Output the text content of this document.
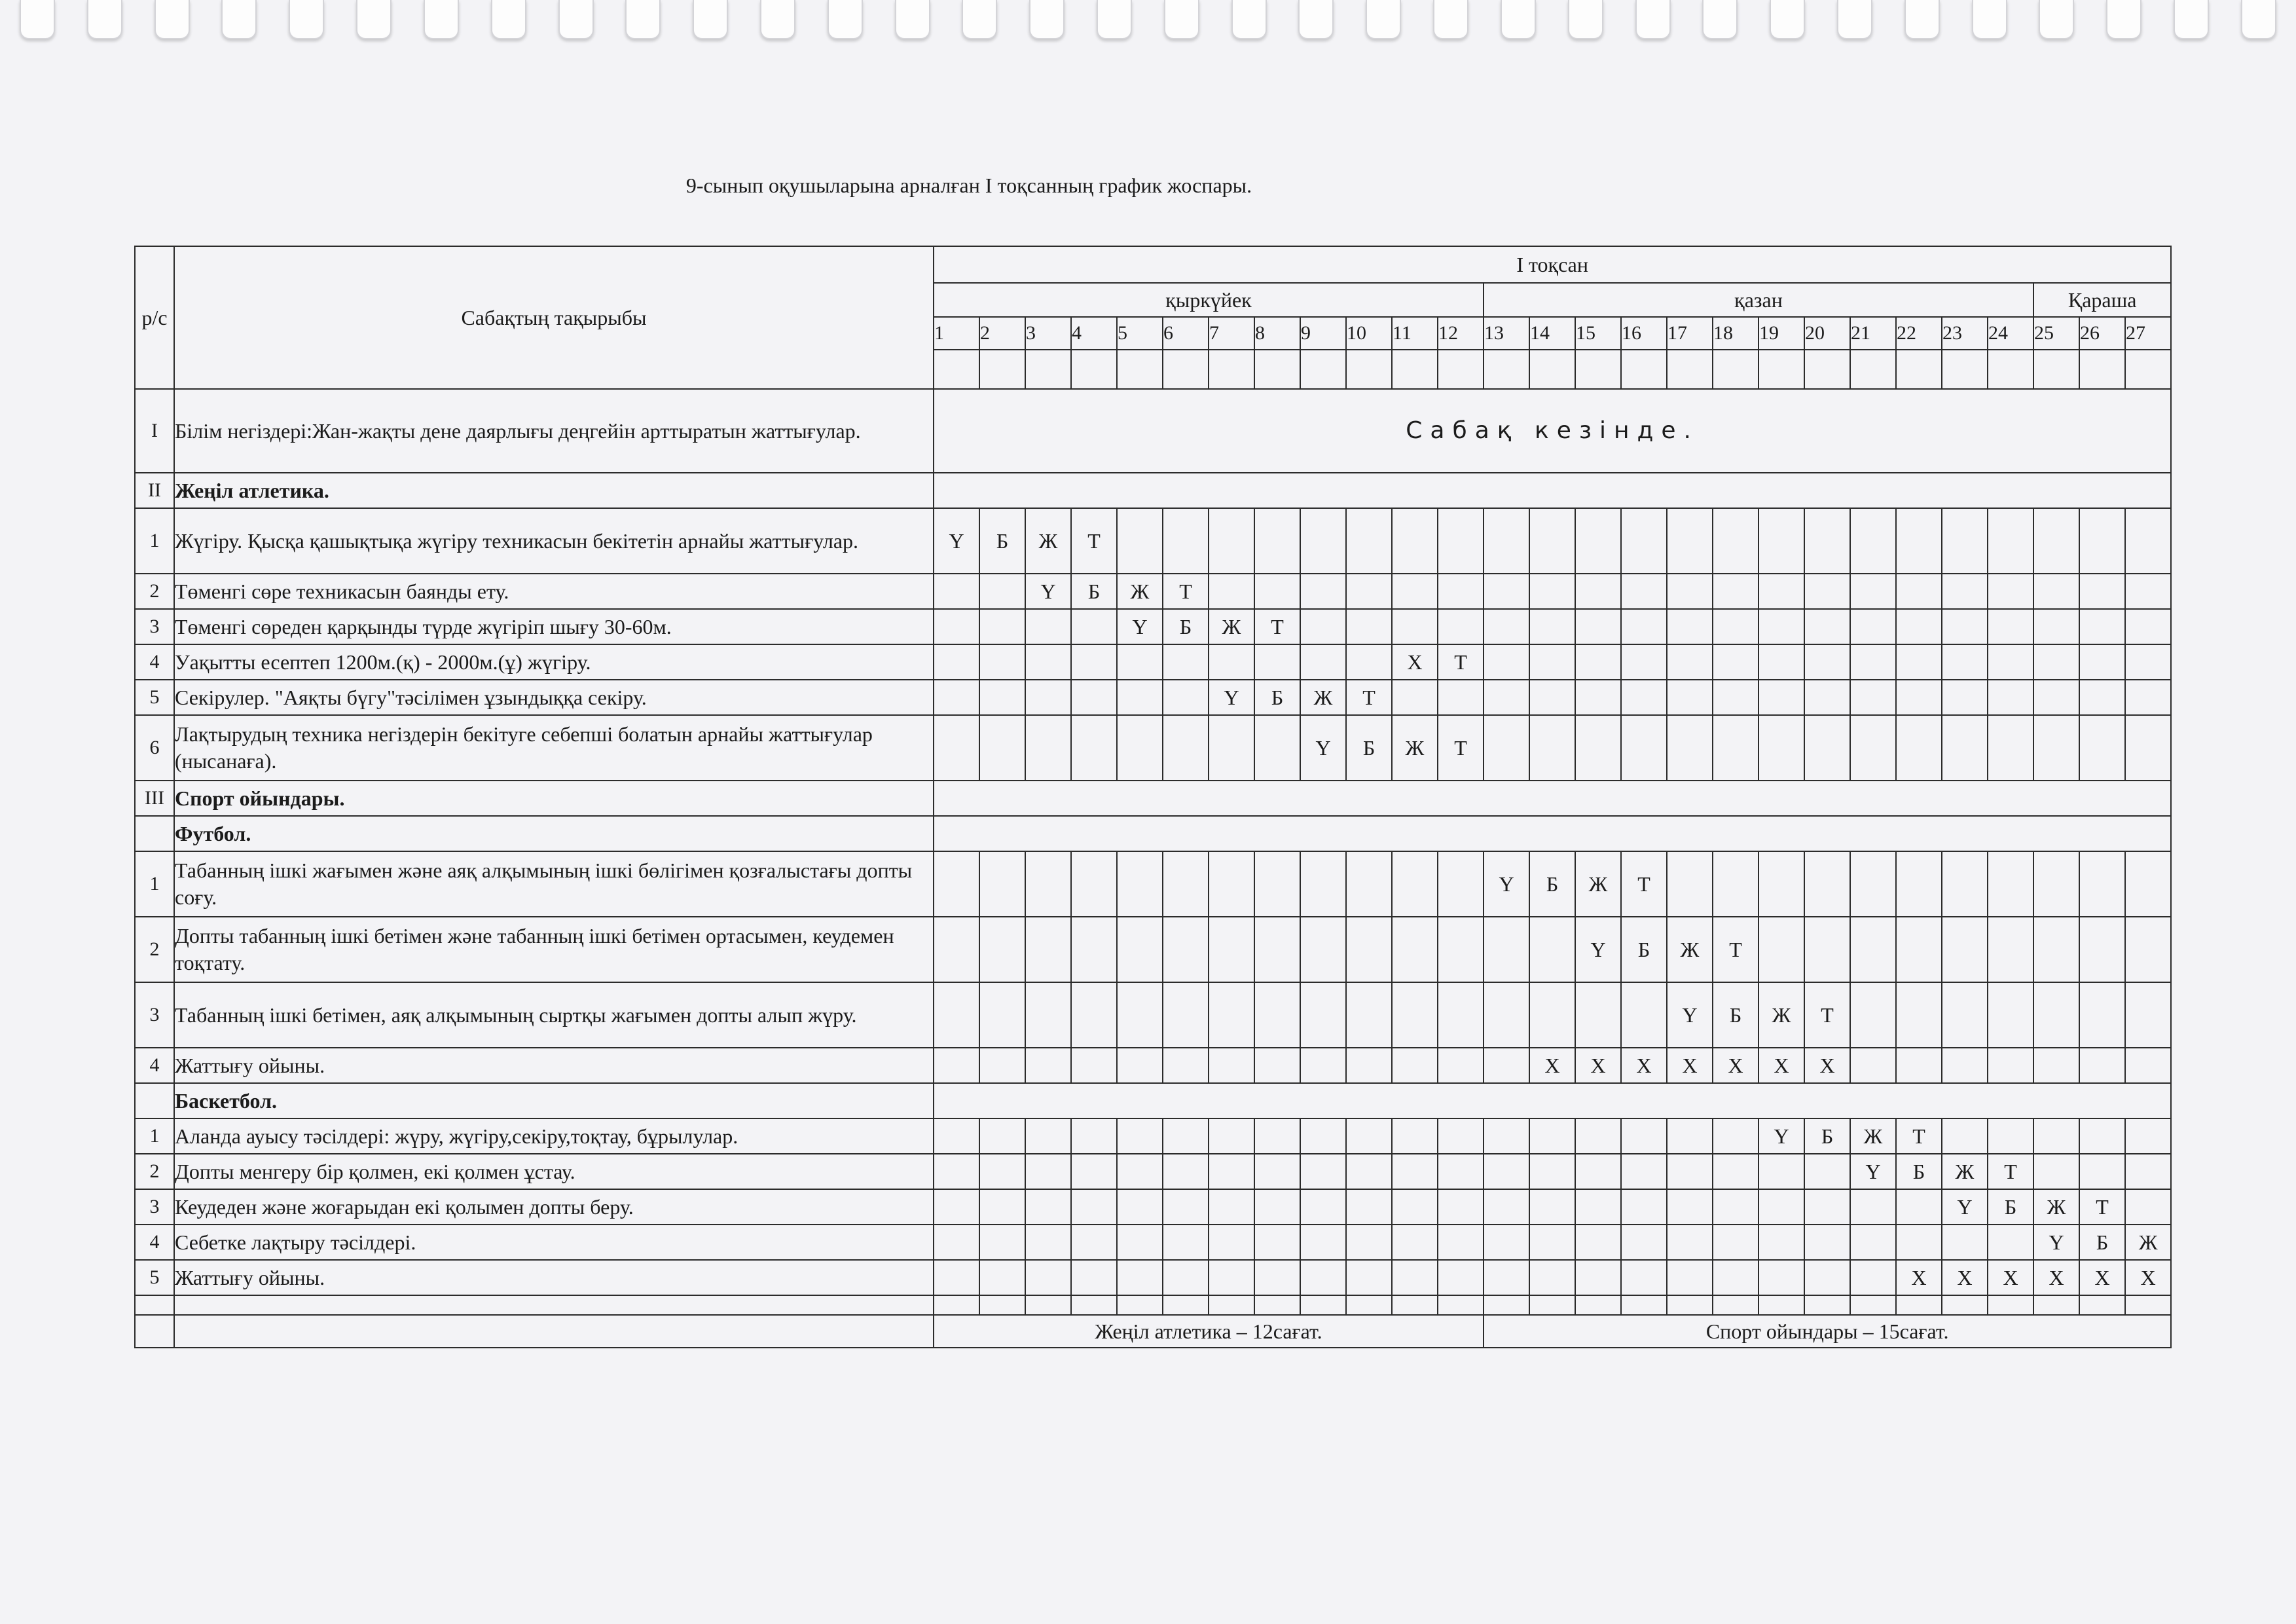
9-сынып оқушыларына арналған І тоқсанның график жоспары.
р/с	Сабақтың тақырыбы	І тоқсан																										
		қыркүйек												қазан												Қараша		
		1	2	3	4	5	6	7	8	9	10	11	12	13	14	15	16	17	18	19	20	21	22	23	24	25	26	27

І	Білім негіздері:Жан-жақты дене даярлығы деңгейін арттыратын жаттығулар.	Сабақ кезінде.																										
ІІ	Жеңіл атлетика.																											
1	Жүгіру. Қысқа қашықтықа жүгіру техникасын бекітетін арнайы жаттығулар.	Ү	Б	Ж	Т																							
2	Төменгі сөре техникасын баянды ету.			Ү	Б	Ж	Т																					
3	Төменгі сөреден қарқынды түрде жүгіріп шығу 30-60м.					Ү	Б	Ж	Т																			
4	Уақытты есептеп 1200м.(қ) - 2000м.(ұ) жүгіру.											Х	Т															
5	Секірулер. "Аяқты бүгу"тәсілімен ұзындыққа секіру.							Ү	Б	Ж	Т																	
6	Лақтырудың техника негіздерін бекітуге себепші болатын арнайы жаттығулар (нысанаға).									Ү	Б	Ж	Т															
ІІІ	Спорт ойындары.																											
	Футбол.																											
1	Табанның ішкі жағымен және аяқ алқымының ішкі бөлігімен қозғалыстағы допты соғу.													Ү	Б	Ж	Т											
2	Допты табанның ішкі бетімен және табанның ішкі бетімен ортасымен, кеудемен тоқтату.															Ү	Б	Ж	Т									
3	Табанның ішкі бетімен, аяқ алқымының сыртқы жағымен допты алып жүру.																	Ү	Б	Ж	Т							
4	Жаттығу ойыны.														Х	Х	Х	Х	Х	Х	Х							
	Баскетбол.																											
1	Аланда ауысу тәсілдері: жүру, жүгіру,секіру,тоқтау, бұрылулар.																			Ү	Б	Ж	Т					
2	Допты менгеру бір қолмен, екі қолмен ұстау.																					Ү	Б	Ж	Т			
3	Кеудеден және жоғарыдан екі қолымен допты беру.																							Ү	Б	Ж	Т	
4	Себетке лақтыру тәсілдері.																									Ү	Б	Ж
5	Жаттығу ойыны.																						Х	Х	Х	Х	Х	Х

		Жеңіл атлетика – 12сағат.												Спорт ойындары – 15сағат.														
